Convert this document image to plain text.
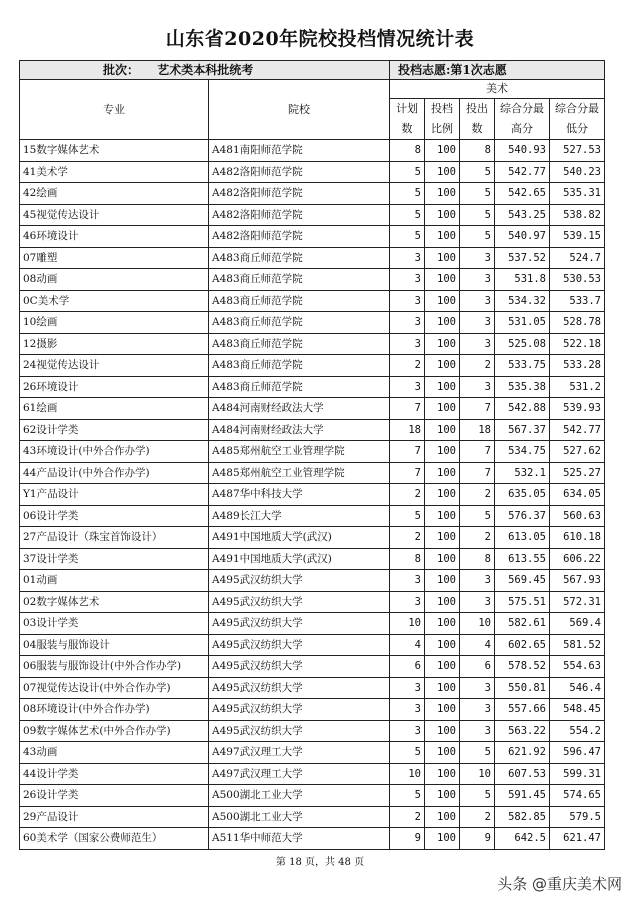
山东省2020年院校投档情况统计表
批次： 艺术类本科批统考		投档志愿:第1次志愿				
专业	院校	美术				
		计划数	投档比例	投出数	综合分最高分	综合分最低分
15数字媒体艺术	A481南阳师范学院	8	100	8	540.93	527.53
41美术学	A482洛阳师范学院	5	100	5	542.77	540.23
42绘画	A482洛阳师范学院	5	100	5	542.65	535.31
45视觉传达设计	A482洛阳师范学院	5	100	5	543.25	538.82
46环境设计	A482洛阳师范学院	5	100	5	540.97	539.15
07雕塑	A483商丘师范学院	3	100	3	537.52	524.7
08动画	A483商丘师范学院	3	100	3	531.8	530.53
0C美术学	A483商丘师范学院	3	100	3	534.32	533.7
10绘画	A483商丘师范学院	3	100	3	531.05	528.78
12摄影	A483商丘师范学院	3	100	3	525.08	522.18
24视觉传达设计	A483商丘师范学院	2	100	2	533.75	533.28
26环境设计	A483商丘师范学院	3	100	3	535.38	531.2
61绘画	A484河南财经政法大学	7	100	7	542.88	539.93
62设计学类	A484河南财经政法大学	18	100	18	567.37	542.77
43环境设计(中外合作办学)	A485郑州航空工业管理学院	7	100	7	534.75	527.62
44产品设计(中外合作办学)	A485郑州航空工业管理学院	7	100	7	532.1	525.27
Y1产品设计	A487华中科技大学	2	100	2	635.05	634.05
06设计学类	A489长江大学	5	100	5	576.37	560.63
27产品设计（珠宝首饰设计）	A491中国地质大学(武汉)	2	100	2	613.05	610.18
37设计学类	A491中国地质大学(武汉)	8	100	8	613.55	606.22
01动画	A495武汉纺织大学	3	100	3	569.45	567.93
02数字媒体艺术	A495武汉纺织大学	3	100	3	575.51	572.31
03设计学类	A495武汉纺织大学	10	100	10	582.61	569.4
04服装与服饰设计	A495武汉纺织大学	4	100	4	602.65	581.52
06服装与服饰设计(中外合作办学)	A495武汉纺织大学	6	100	6	578.52	554.63
07视觉传达设计(中外合作办学)	A495武汉纺织大学	3	100	3	550.81	546.4
08环境设计(中外合作办学)	A495武汉纺织大学	3	100	3	557.66	548.45
09数字媒体艺术(中外合作办学)	A495武汉纺织大学	3	100	3	563.22	554.2
43动画	A497武汉理工大学	5	100	5	621.92	596.47
44设计学类	A497武汉理工大学	10	100	10	607.53	599.31
26设计学类	A500湖北工业大学	5	100	5	591.45	574.65
29产品设计	A500湖北工业大学	2	100	2	582.85	579.5
60美术学（国家公费师范生）	A511华中师范大学	9	100	9	642.5	621.47
第 18 页，共 48 页
头条 @重庆美术网
